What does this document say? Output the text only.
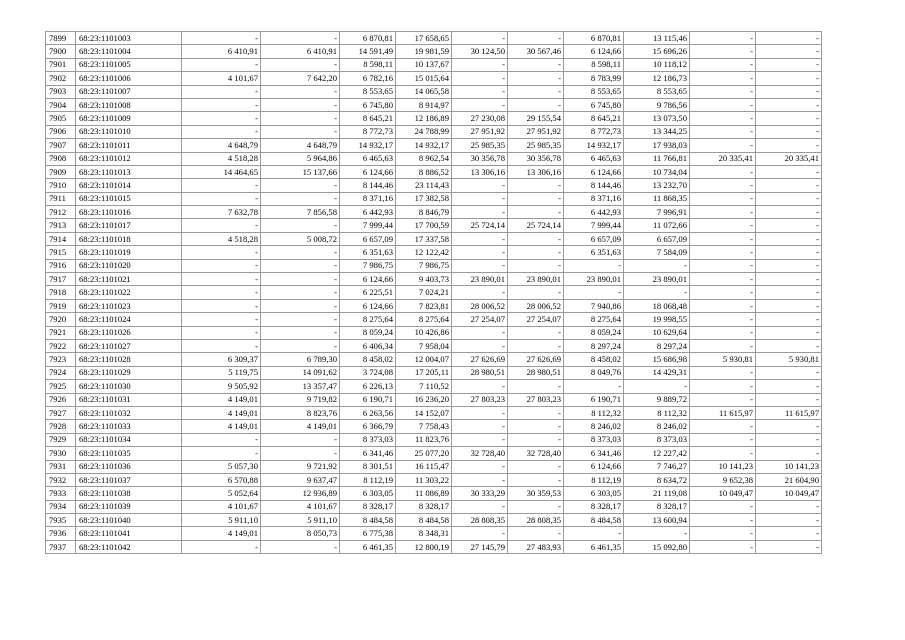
7899	68:23:1101003	-	-	6 870,81	17 658,65	-	-	6 870,81	13 115,46	-	-
7900	68:23:1101004	6 410,91	6 410,91	14 591,49	19 981,59	30 124,50	30 567,46	6 124,66	15 696,26	-	-
7901	68:23:1101005	-	-	8 598,11	10 137,67	-	-	8 598,11	10 118,12	-	-
7902	68:23:1101006	4 101,67	7 642,20	6 782,16	15 015,64	-	-	8 783,99	12 186,73	-	-
7903	68:23:1101007	-	-	8 553,65	14 065,58	-	-	8 553,65	8 553,65	-	-
7904	68:23:1101008	-	-	6 745,80	8 914,97	-	-	6 745,80	9 786,56	-	-
7905	68:23:1101009	-	-	8 645,21	12 186,89	27 230,08	29 155,54	8 645,21	13 073,50	-	-
7906	68:23:1101010	-	-	8 772,73	24 788,99	27 951,92	27 951,92	8 772,73	13 344,25	-	-
7907	68:23:1101011	4 648,79	4 648,79	14 932,17	14 932,17	25 985,35	25 985,35	14 932,17	17 938,03	-	-
7908	68:23:1101012	4 518,28	5 964,86	6 465,63	8 962,54	30 356,78	30 356,78	6 465,63	11 766,81	20 335,41	20 335,41
7909	68:23:1101013	14 464,65	15 137,66	6 124,66	8 886,52	13 306,16	13 306,16	6 124,66	10 734,04	-	-
7910	68:23:1101014	-	-	8 144,46	23 114,43	-	-	8 144,46	13 232,70	-	-
7911	68:23:1101015	-	-	8 371,16	17 382,58	-	-	8 371,16	11 868,35	-	-
7912	68:23:1101016	7 632,78	7 856,58	6 442,93	8 846,79	-	-	6 442,93	7 996,91	-	-
7913	68:23:1101017	-	-	7 999,44	17 700,59	25 724,14	25 724,14	7 999,44	11 072,66	-	-
7914	68:23:1101018	4 518,28	5 008,72	6 657,09	17 337,58	-	-	6 657,09	6 657,09	-	-
7915	68:23:1101019	-	-	6 351,63	12 122,42	-	-	6 351,63	7 584,09	-	-
7916	68:23:1101020	-	-	7 986,75	7 986,75	-	-	-	-	-	-
7917	68:23:1101021	-	-	6 124,66	9 403,73	23 890,01	23 890,01	23 890,01	23 890,01	-	-
7918	68:23:1101022	-	-	6 225,51	7 024,21	-	-	-	-	-	-
7919	68:23:1101023	-	-	6 124,66	7 823,81	28 006,52	28 006,52	7 940,86	18 068,48	-	-
7920	68:23:1101024	-	-	8 275,64	8 275,64	27 254,07	27 254,07	8 275,64	19 998,55	-	-
7921	68:23:1101026	-	-	8 059,24	10 426,86	-	-	8 059,24	10 629,64	-	-
7922	68:23:1101027	-	-	6 406,34	7 958,04	-	-	8 297,24	8 297,24	-	-
7923	68:23:1101028	6 309,37	6 789,30	8 458,02	12 004,07	27 626,69	27 626,69	8 458,02	15 686,98	5 930,81	5 930,81
7924	68:23:1101029	5 119,75	14 091,62	3 724,08	17 205,11	28 980,51	28 980,51	8 049,76	14 429,31	-	-
7925	68:23:1101030	9 505,92	13 357,47	6 226,13	7 110,52	-	-	-	-	-	-
7926	68:23:1101031	4 149,01	9 719,82	6 190,71	16 236,20	27 803,23	27 803,23	6 190,71	9 889,72	-	-
7927	68:23:1101032	4 149,01	8 823,76	6 263,56	14 152,07	-	-	8 112,32	8 112,32	11 615,97	11 615,97
7928	68:23:1101033	4 149,01	4 149,01	6 366,79	7 758,43	-	-	8 246,02	8 246,02	-	-
7929	68:23:1101034	-	-	8 373,03	11 823,76	-	-	8 373,03	8 373,03	-	-
7930	68:23:1101035	-	-	6 341,46	25 077,20	32 728,40	32 728,40	6 341,46	12 227,42	-	-
7931	68:23:1101036	5 057,30	9 721,92	8 301,51	16 115,47	-	-	6 124,66	7 746,27	10 141,23	10 141,23
7932	68:23:1101037	6 570,88	9 637,47	8 112,19	11 303,22	-	-	8 112,19	8 634,72	9 652,38	21 604,90
7933	68:23:1101038	5 052,64	12 936,89	6 303,05	11 086,89	30 333,29	30 359,53	6 303,05	21 119,08	10 049,47	10 049,47
7934	68:23:1101039	4 101,67	4 101,67	8 328,17	8 328,17	-	-	8 328,17	8 328,17	-	-
7935	68:23:1101040	5 911,10	5 911,10	8 484,58	8 484,58	28 808,35	28 808,35	8 484,58	13 600,94	-	-
7936	68:23:1101041	4 149,01	8 050,73	6 775,38	8 348,31	-	-	-	-	-	-
7937	68:23:1101042	-	-	6 461,35	12 800,19	27 145,79	27 483,93	6 461,35	15 092,80	-	-
